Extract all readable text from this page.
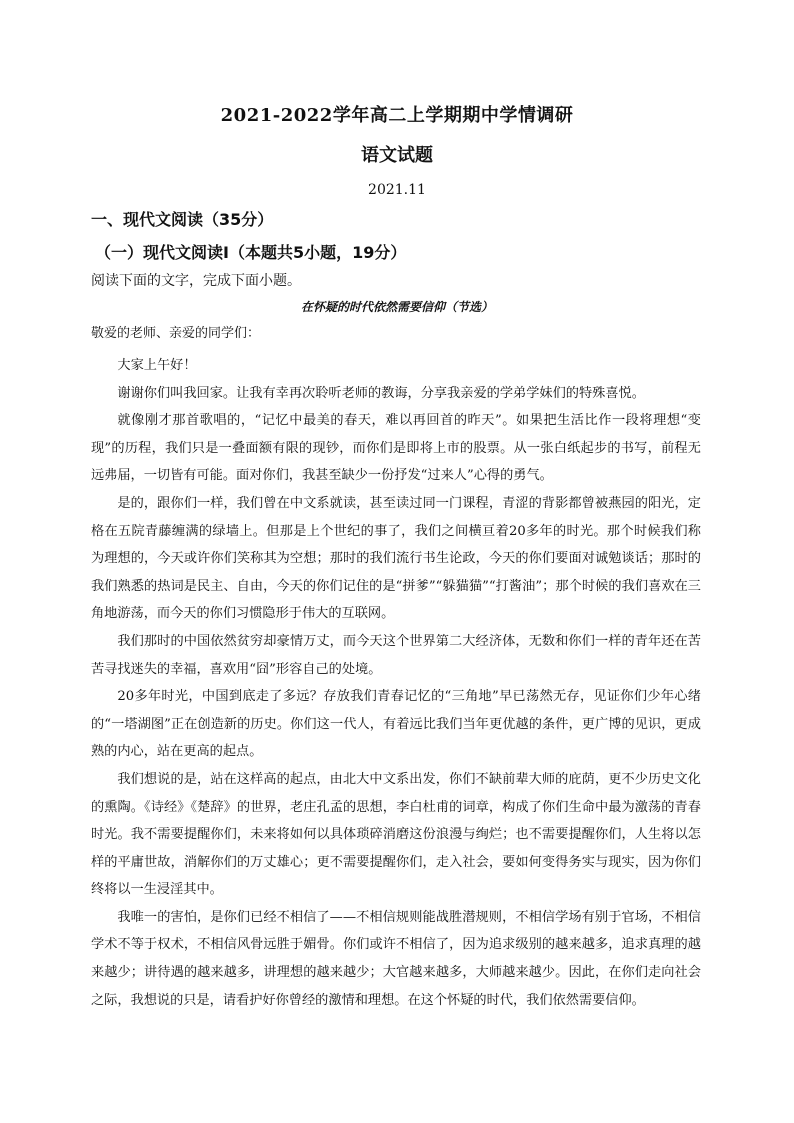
2021-2022学年高二上学期期中学情调研
语文试题
2021.11
一、现代文阅读（35分）
（一）现代文阅读Ⅰ（本题共5小题，19分）
阅读下面的文字，完成下面小题。
在怀疑的时代依然需要信仰（节选）
敬爱的老师、亲爱的同学们：

大家上午好！

谢谢你们叫我回家。让我有幸再次聆听老师的教诲，分享我亲爱的学弟学妹们的特殊喜悦。

就像刚才那首歌唱的，“记忆中最美的春天，难以再回首的昨天”。如果把生活比作一段将理想“变现”的历程，我们只是一叠面额有限的现钞，而你们是即将上市的股票。从一张白纸起步的书写，前程无远弗届，一切皆有可能。面对你们，我甚至缺少一份抒发“过来人”心得的勇气。

是的，跟你们一样，我们曾在中文系就读，甚至读过同一门课程，青涩的背影都曾被燕园的阳光，定格在五院青藤缠满的绿墙上。但那是上个世纪的事了，我们之间横亘着20多年的时光。那个时候我们称为理想的，今天或许你们笑称其为空想；那时的我们流行书生论政，今天的你们要面对诚勉谈话；那时的我们熟悉的热词是民主、自由，今天的你们记住的是“拼爹”“躲猫猫”“打酱油”；那个时候的我们喜欢在三角地游荡，而今天的你们习惯隐形于伟大的互联网。

我们那时的中国依然贫穷却豪情万丈，而今天这个世界第二大经济体，无数和你们一样的青年还在苦苦寻找迷失的幸福，喜欢用“囧”形容自己的处境。

20多年时光，中国到底走了多远？存放我们青春记忆的“三角地”早已荡然无存，见证你们少年心绪的“一塔湖图”正在创造新的历史。你们这一代人，有着远比我们当年更优越的条件，更广博的见识，更成熟的内心，站在更高的起点。

我们想说的是，站在这样高的起点，由北大中文系出发，你们不缺前辈大师的庇荫，更不少历史文化的熏陶。《诗经》《楚辞》的世界，老庄孔孟的思想，李白杜甫的词章，构成了你们生命中最为激荡的青春时光。我不需要提醒你们，未来将如何以具体琐碎消磨这份浪漫与绚烂；也不需要提醒你们，人生将以怎样的平庸世故，消解你们的万丈雄心；更不需要提醒你们，走入社会，要如何变得务实与现实，因为你们终将以一生浸淫其中。

我唯一的害怕，是你们已经不相信了——不相信规则能战胜潜规则，不相信学场有别于官场，不相信学术不等于权术，不相信风骨远胜于媚骨。你们或许不相信了，因为追求级别的越来越多，追求真理的越来越少；讲待遇的越来越多，讲理想的越来越少；大官越来越多，大师越来越少。因此，在你们走向社会之际，我想说的只是，请看护好你曾经的激情和理想。在这个怀疑的时代，我们依然需要信仰。
